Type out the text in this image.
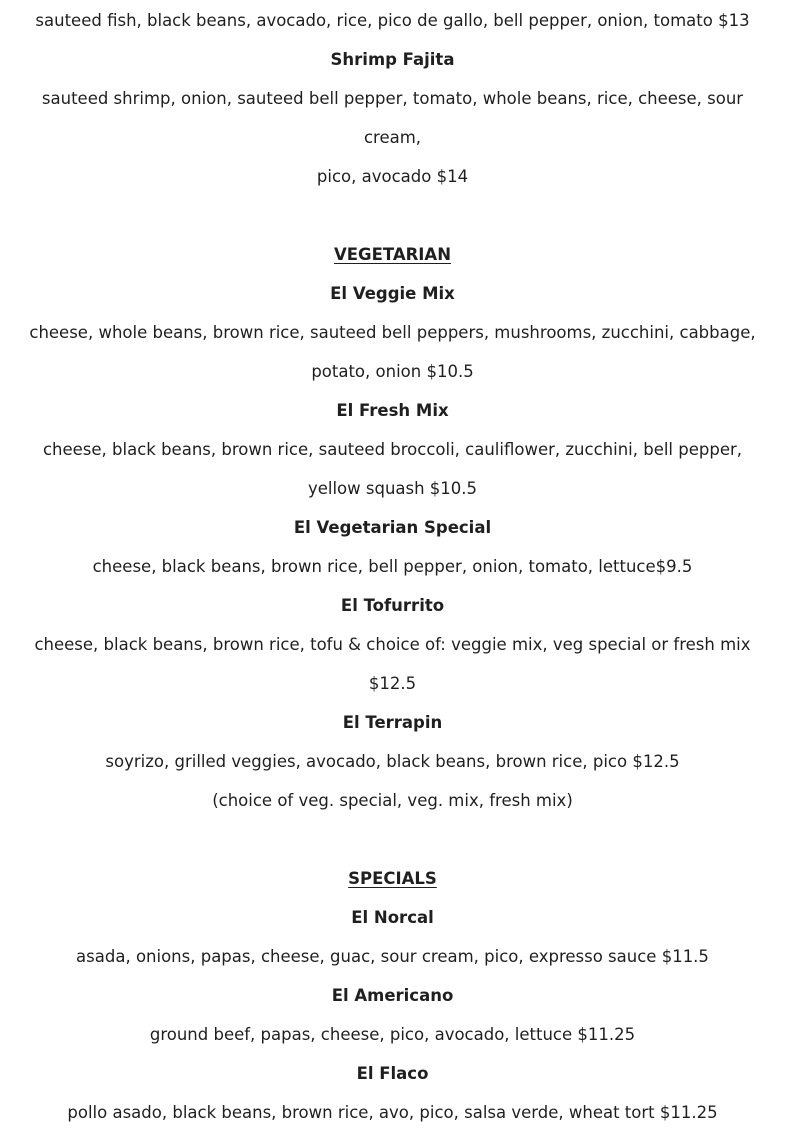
sauteed fish, black beans, avocado, rice, pico de gallo, bell pepper, onion, tomato $13
Shrimp Fajita
sauteed shrimp, onion, sauteed bell pepper, tomato, whole beans, rice, cheese, sour
cream,
pico, avocado $14
VEGETARIAN
El Veggie Mix
cheese, whole beans, brown rice, sauteed bell peppers, mushrooms, zucchini, cabbage,
potato, onion $10.5
El Fresh Mix
cheese, black beans, brown rice, sauteed broccoli, cauliflower, zucchini, bell pepper,
yellow squash $10.5
El Vegetarian Special
cheese, black beans, brown rice, bell pepper, onion, tomato, lettuce$9.5
El Tofurrito
cheese, black beans, brown rice, tofu & choice of: veggie mix, veg special or fresh mix
$12.5
El Terrapin
soyrizo, grilled veggies, avocado, black beans, brown rice, pico $12.5
(choice of veg. special, veg. mix, fresh mix)
SPECIALS
El Norcal
asada, onions, papas, cheese, guac, sour cream, pico, expresso sauce $11.5
El Americano
ground beef, papas, cheese, pico, avocado, lettuce $11.25
El Flaco
pollo asado, black beans, brown rice, avo, pico, salsa verde, wheat tort $11.25
